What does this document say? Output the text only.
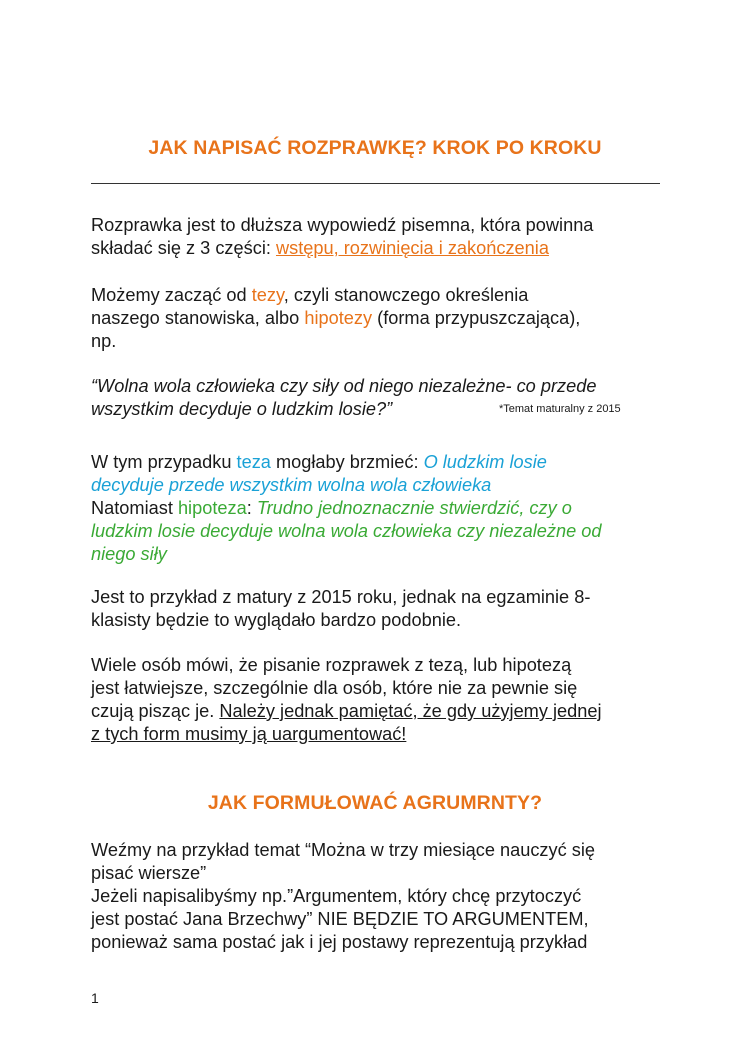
JAK NAPISAĆ ROZPRAWKĘ? KROK PO KROKU
Rozprawka jest to dłuższa wypowiedź pisemna, która powinna
składać się z 3 części: wstępu, rozwinięcia i zakończenia
Możemy zacząć od tezy, czyli stanowczego określenia
naszego stanowiska, albo hipotezy (forma przypuszczająca),
np.
“Wolna wola człowieka czy siły od niego niezależne- co przede
wszystkim decyduje o ludzkim losie?”	*Temat maturalny z 2015
W tym przypadku teza mogłaby brzmieć: O ludzkim losie
decyduje przede wszystkim wolna wola człowieka
Natomiast hipoteza: Trudno jednoznacznie stwierdzić, czy o
ludzkim losie decyduje wolna wola człowieka czy niezależne od
niego siły
Jest to przykład z matury z 2015 roku, jednak na egzaminie 8-
klasisty będzie to wyglądało bardzo podobnie.
Wiele osób mówi, że pisanie rozprawek z tezą, lub hipotezą
jest łatwiejsze, szczególnie dla osób, które nie za pewnie się
czują pisząc je. Należy jednak pamiętać, że gdy użyjemy jednej
z tych form musimy ją uargumentować!
JAK FORMUŁOWAĆ AGRUMRNTY?
Weźmy na przykład temat “Można w trzy miesiące nauczyć się
pisać wiersze”
Jeżeli napisalibyśmy np.”Argumentem, który chcę przytoczyć
jest postać Jana Brzechwy” NIE BĘDZIE TO ARGUMENTEM,
ponieważ sama postać jak i jej postawy reprezentują przykład
1
